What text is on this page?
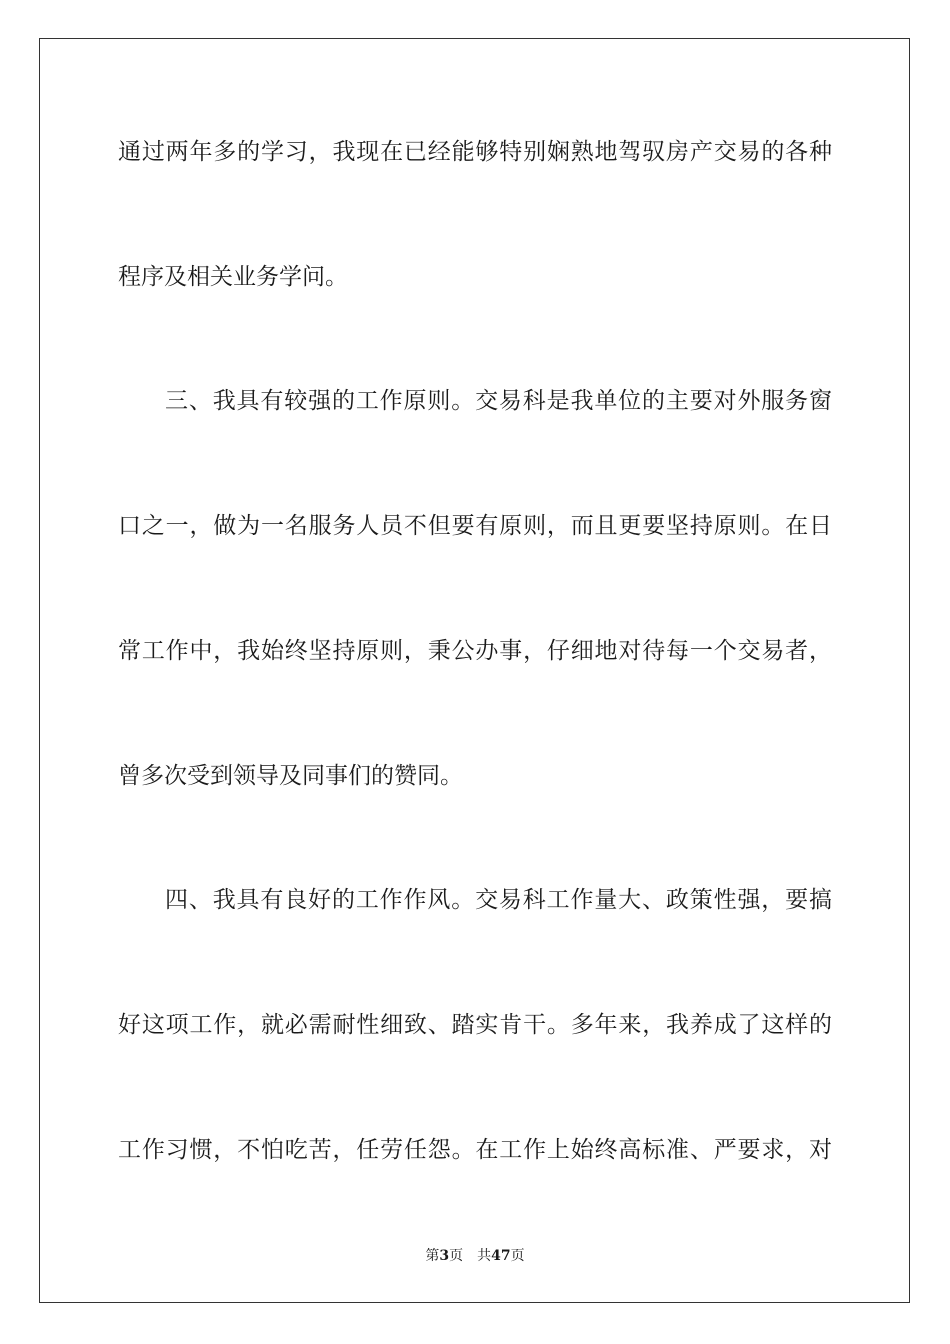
通过两年多的学习，我现在已经能够特别娴熟地驾驭房产交易的各种
程序及相关业务学问。
三、我具有较强的工作原则。交易科是我单位的主要对外服务窗
口之一，做为一名服务人员不但要有原则，而且更要坚持原则。在日
常工作中，我始终坚持原则，秉公办事，仔细地对待每一个交易者，
曾多次受到领导及同事们的赞同。
四、我具有良好的工作作风。交易科工作量大、政策性强，要搞
好这项工作，就必需耐性细致、踏实肯干。多年来，我养成了这样的
工作习惯，不怕吃苦，任劳任怨。在工作上始终高标准、严要求，对
第3页 共47页
